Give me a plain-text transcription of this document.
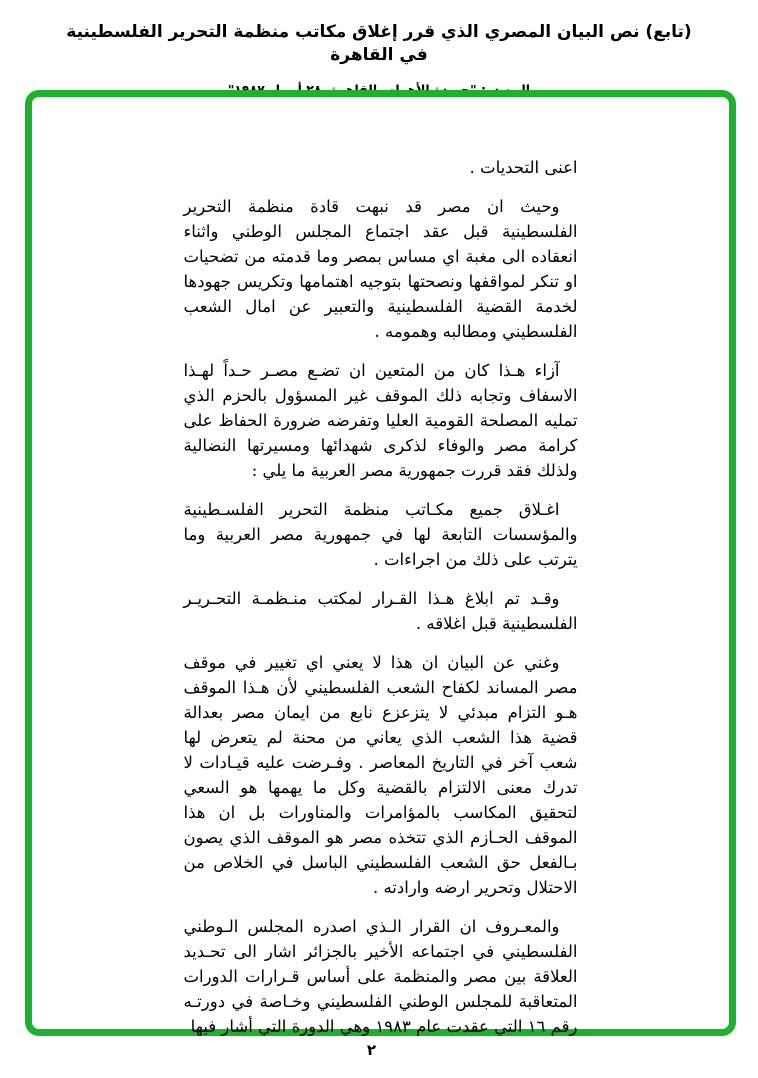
(تابع) نص البيان المصري الذي قرر إغلاق مكاتب منظمة التحرير الفلسطينية في القاهرة

اعنى التحديات .

وحيث ان مصر قد نبهت قادة منظمة التحرير الفلسطينية قبل عقد اجتماع المجلس الوطني واثناء انعقاده الى مغبة اي مساس بمصر وما قدمته من تضحيات او تنكر لمواقفها ونصحتها بتوجيه اهتمامها وتكريس جهودها لخدمة القضية الفلسطينية والتعبير عن امال الشعب الفلسطيني ومطالبه وهمومه .

آزاء هـذا كان من المتعين ان تضـع مصـر حـداً لهـذا الاسفاف وتجابه ذلك الموقف غير المسؤول بالحزم الذي تمليه المصلحة القومية العليا وتفرضه ضرورة الحفاظ على كرامة مصر والوفاء لذكرى شهدائها ومسيرتها النضالية ولذلك فقد قررت جمهورية مصر العربية ما يلي :

اغـلاق جميع مكـاتب منظمة التحرير الفلسـطينية والمؤسسات التابعة لها في جمهورية مصر العربية وما يترتب على ذلك من اجراءات .

وقـد تم ابلاغ هـذا القـرار لمكتب منـظمـة التحـريـر الفلسطينية قبل اغلاقه .

وغني عن البيان ان هذا لا يعني اي تغيير في موقف مصر المساند لكفاح الشعب الفلسطيني لأن هـذا الموقف هـو التزام مبدئي لا يتزعزع نابع من ايمان مصر بعدالة قضية هذا الشعب الذي يعاني من محنة لم يتعرض لها شعب آخر في التاريخ المعاصر . وفـرضت عليه قيـادات لا تدرك معنى الالتزام بالقضية وكل ما يهمها هو السعي لتحقيق المكاسب بالمؤامرات والمناورات بل ان هذا الموقف الحـازم الذي تتخذه مصر هو الموقف الذي يصون بـالفعل حق الشعب الفلسطيني الباسل في الخلاص من الاحتلال وتحرير ارضه وارادته .

والمعـروف ان القرار الـذي اصدره المجلس الـوطني الفلسطيني في اجتماعه الأخير بالجزائر اشار الى تحـديد العلاقة بين مصر والمنظمة على أساس قـرارات الدورات المتعاقبة للمجلس الوطني الفلسطيني وخـاصة في دورتـه رقم ١٦ التي عقدت عام ١٩٨٣ وهي الدورة التي أشار فيها

٢
